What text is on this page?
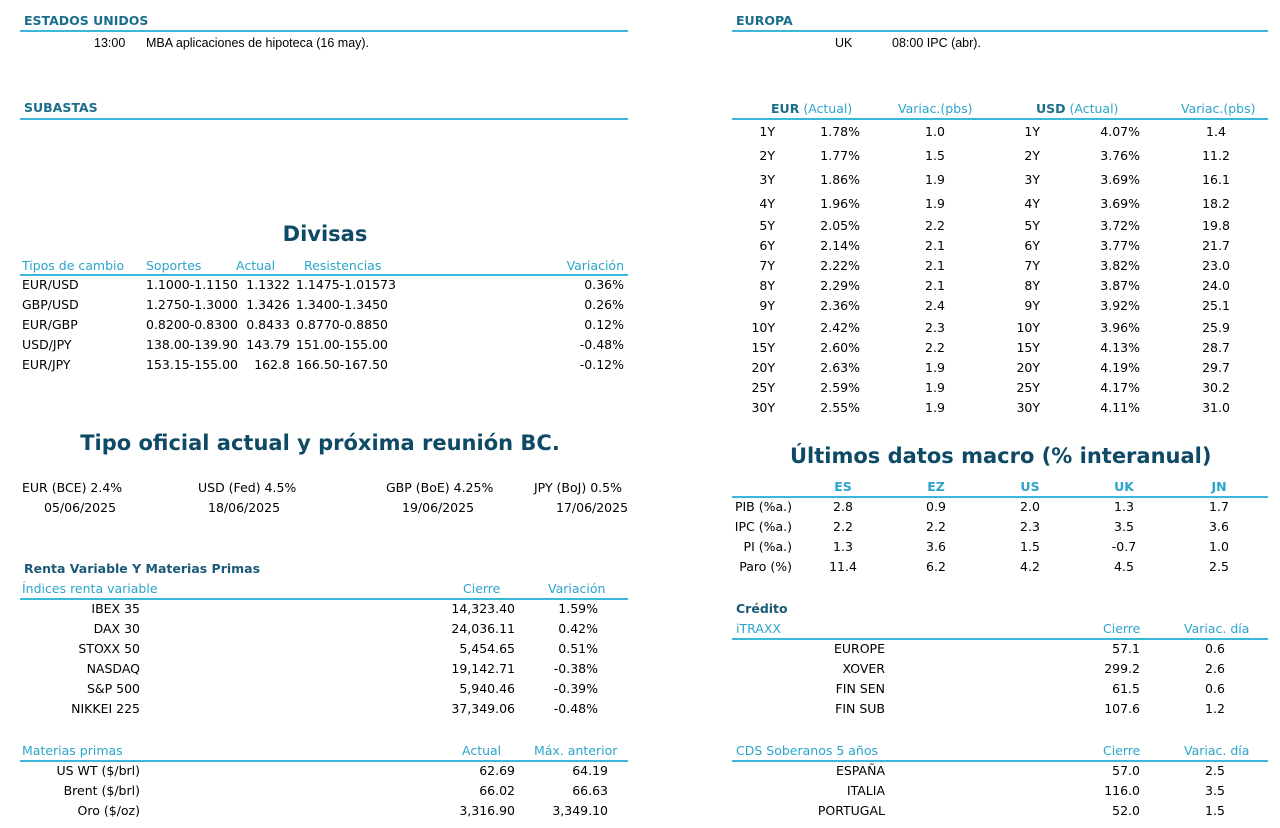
ESTADOS UNIDOS
13:00 MBA aplicaciones de hipoteca (16 may).
SUBASTAS
Divisas
Tipos de cambio Soportes	Actual Resistencias	Variación
EUR/USD	1.1000-1.1150 1.1322 1.1475-1.01573	0.36%
GBP/USD	1.2750-1.3000 1.3426 1.3400-1.3450	0.26%
EUR/GBP	0.8200-0.8300 0.8433 0.8770-0.8850	0.12%
USD/JPY	138.00-139.90 143.79 151.00-155.00	-0.48%
EUR/JPY	153.15-155.00	162.8 166.50-167.50	-0.12%
Tipo oficial actual y próxima reunión BC.
EUR (BCE) 2.4%
05/06/2025
USD (Fed) 4.5%
18/06/2025
GBP (BoE) 4.25%
19/06/2025
JPY (BoJ) 0.5%
17/06/2025
Renta Variable Y Materias Primas
Índices renta variable	Cierre	Variación
IBEX 35	14,323.40	1.59%
DAX 30	24,036.11	0.42%
STOXX 50	5,454.65	0.51%
NASDAQ	19,142.71	-0.38%
S&P 500	5,940.46	-0.39%
NIKKEI 225	37,349.06	-0.48%
Materias primas	Actual	Máx. anterior
US WT ($/brl)	62.69	64.19
Brent ($/brl)	66.02	66.63
Oro ($/oz)	3,316.90	3,349.10
EUROPA
UK	08:00 IPC (abr).
EUR (Actual)	Variac.(pbs)	USD (Actual)	Variac.(pbs)
1Y	1.78%	1.0	1Y	4.07%	1.4
2Y	1.77%	1.5	2Y	3.76%	11.2
3Y	1.86%	1.9	3Y	3.69%	16.1
4Y	1.96%	1.9	4Y	3.69%	18.2
5Y	2.05%	2.2	5Y	3.72%	19.8
6Y	2.14%	2.1	6Y	3.77%	21.7
7Y	2.22%	2.1	7Y	3.82%	23.0
8Y	2.29%	2.1	8Y	3.87%	24.0
9Y	2.36%	2.4	9Y	3.92%	25.1
10Y	2.42%	2.3	10Y	3.96%	25.9
15Y	2.60%	2.2	15Y	4.13%	28.7
20Y	2.63%	1.9	20Y	4.19%	29.7
25Y	2.59%	1.9	25Y	4.17%	30.2
30Y	2.55%	1.9	30Y	4.11%	31.0
Últimos datos macro (% interanual)
ES	EZ	US	UK	JN
PIB (%a.)	2.8	0.9	2.0	1.3	1.7
IPC (%a.)	2.2	2.2	2.3	3.5	3.6
PI (%a.)	1.3	3.6	1.5	-0.7	1.0
Paro (%)	11.4	6.2	4.2	4.5	2.5
Crédito
iTRAXX	Cierre	Variac. día
EUROPE	57.1	0.6
XOVER	299.2	2.6
FIN SEN	61.5	0.6
FIN SUB	107.6	1.2
CDS Soberanos 5 años	Cierre	Variac. día
ESPAÑA	57.0	2.5
ITALIA	116.0	3.5
PORTUGAL	52.0	1.5
